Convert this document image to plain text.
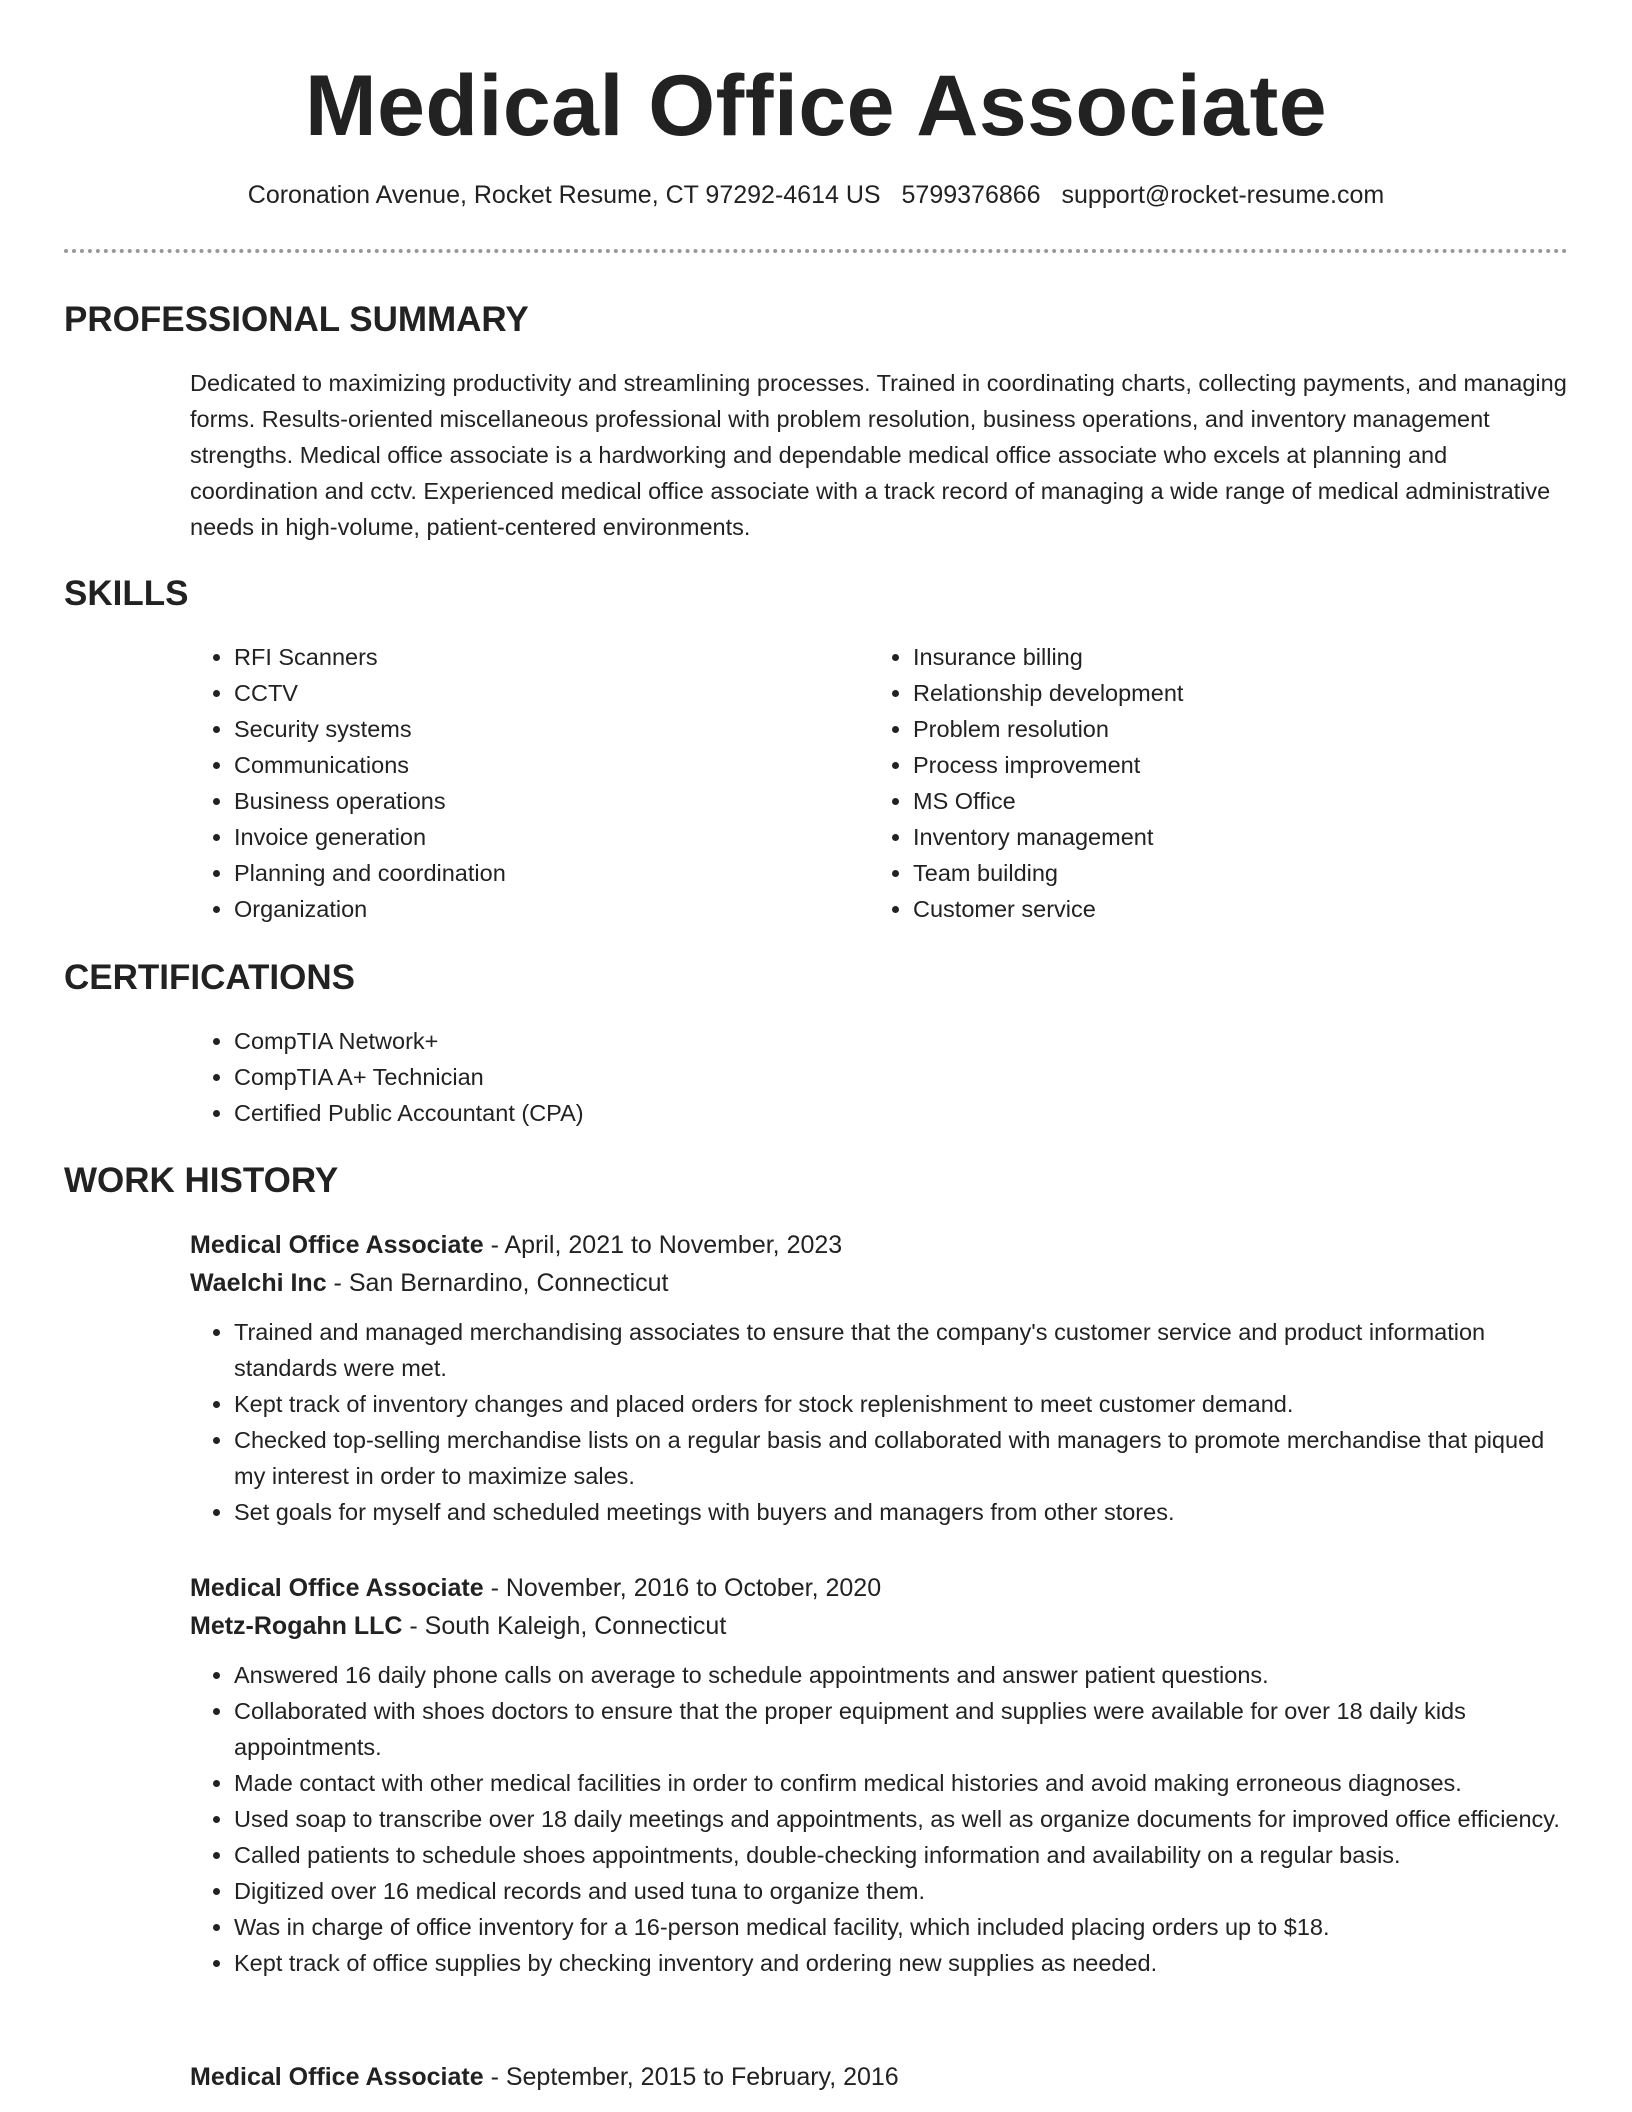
Medical Office Associate
Coronation Avenue, Rocket Resume, CT 97292-4614 US 5799376866 support@rocket-resume.com
PROFESSIONAL SUMMARY

Dedicated to maximizing productivity and streamlining processes. Trained in coordinating charts, collecting payments, and managing forms. Results-oriented miscellaneous professional with problem resolution, business operations, and inventory management strengths. Medical office associate is a hardworking and dependable medical office associate who excels at planning and coordination and cctv. Experienced medical office associate with a track record of managing a wide range of medical administrative needs in high-volume, patient-centered environments.

SKILLS
• RFI Scanners
• CCTV
• Security systems
• Communications
• Business operations
• Invoice generation
• Planning and coordination
• Organization
• Insurance billing
• Relationship development
• Problem resolution
• Process improvement
• MS Office
• Inventory management
• Team building
• Customer service
CERTIFICATIONS
• CompTIA Network+
• CompTIA A+ Technician
• Certified Public Accountant (CPA)
WORK HISTORY

Medical Office Associate - April, 2021 to November, 2023

Waelchi Inc - San Bernardino, Connecticut

• Trained and managed merchandising associates to ensure that the company's customer service and product information standards were met.
• Kept track of inventory changes and placed orders for stock replenishment to meet customer demand.
• Checked top-selling merchandise lists on a regular basis and collaborated with managers to promote merchandise that piqued my interest in order to maximize sales.
• Set goals for myself and scheduled meetings with buyers and managers from other stores.

Medical Office Associate - November, 2016 to October, 2020

Metz-Rogahn LLC - South Kaleigh, Connecticut

• Answered 16 daily phone calls on average to schedule appointments and answer patient questions.
• Collaborated with shoes doctors to ensure that the proper equipment and supplies were available for over 18 daily kids appointments.
• Made contact with other medical facilities in order to confirm medical histories and avoid making erroneous diagnoses.
• Used soap to transcribe over 18 daily meetings and appointments, as well as organize documents for improved office efficiency.
• Called patients to schedule shoes appointments, double-checking information and availability on a regular basis.
• Digitized over 16 medical records and used tuna to organize them.
• Was in charge of office inventory for a 16-person medical facility, which included placing orders up to $18.
• Kept track of office supplies by checking inventory and ordering new supplies as needed.

Medical Office Associate - September, 2015 to February, 2016
